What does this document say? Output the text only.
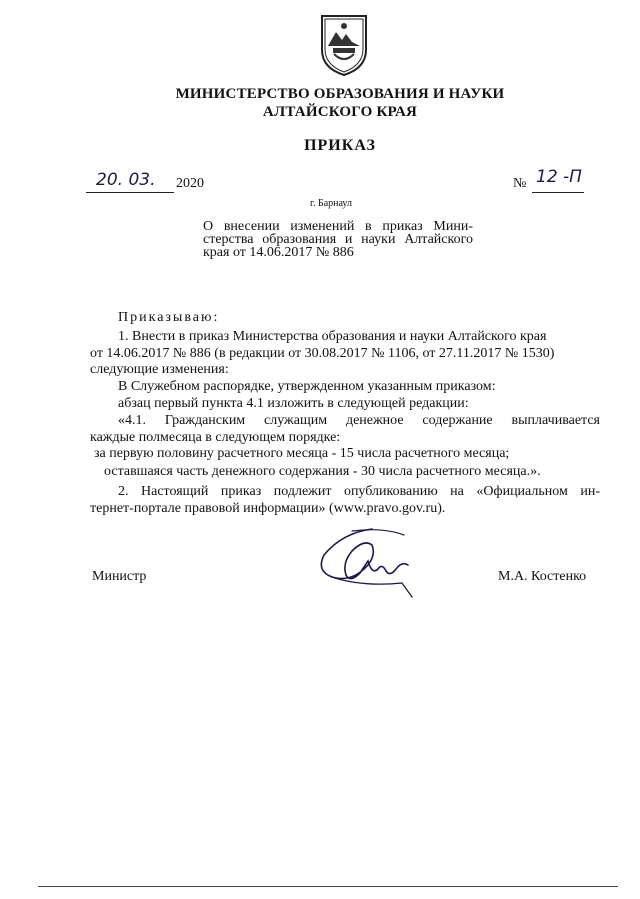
МИНИСТЕРСТВО ОБРАЗОВАНИЯ И НАУКИ
АЛТАЙСКОГО КРАЯ
ПРИКАЗ
20. 03. 2020	№ 12 -П
г. Барнаул
О внесении изменений в приказ Мини-
стерства образования и науки Алтайского
края от 14.06.2017 № 886
Приказываю:
1. Внести в приказ Министерства образования и науки Алтайского края
от 14.06.2017 № 886 (в редакции от 30.08.2017 № 1106, от 27.11.2017 № 1530)
следующие изменения:
В Служебном распорядке, утвержденном указанным приказом:
абзац первый пункта 4.1 изложить в следующей редакции:
«4.1. Гражданским служащим денежное содержание выплачивается
каждые полмесяца в следующем порядке:
за первую половину расчетного месяца - 15 числа расчетного месяца;
оставшаяся часть денежного содержания - 30 числа расчетного месяца.».
2. Настоящий приказ подлежит опубликованию на «Официальном ин-
тернет-портале правовой информации» (www.pravo.gov.ru).
Министр	М.А. Костенко
